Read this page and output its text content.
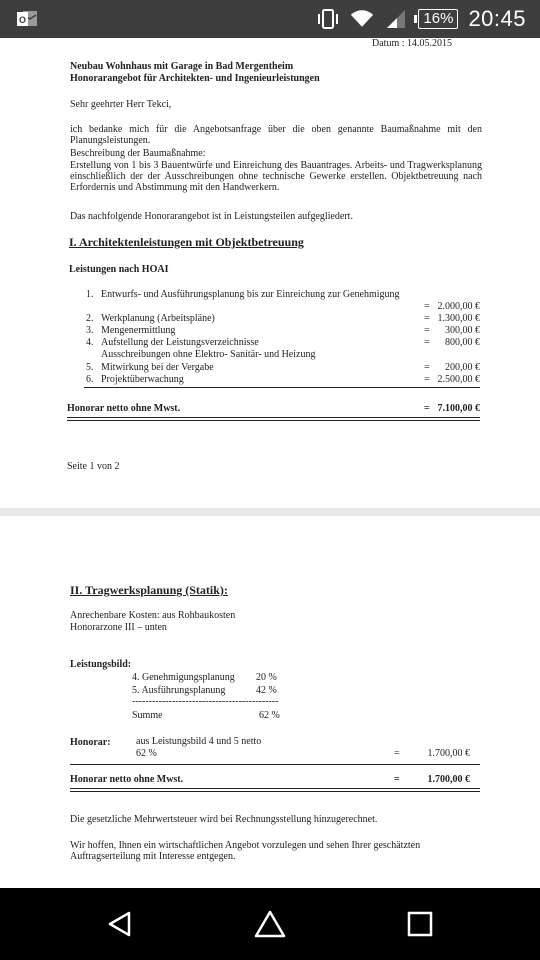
O	16% 20:45
Datum : 14.05.2015
Neubau Wohnhaus mit Garage in Bad Mergentheim
Honorarangebot für Architekten- und Ingenieurleistungen
Sehr geehrter Herr Tekci,
ich bedanke mich für die Angebotsanfrage über die oben genannte Baumaßnahme mit den Planungsleistungen.
Beschreibung der Baumaßnahme:
Erstellung von 1 bis 3 Bauentwürfe und Einreichung des Bauantrages. Arbeits- und Tragwerksplanung einschließlich der der Ausschreibungen ohne technische Gewerke erstellen. Objektbetreuung nach Erfordernis und Abstimmung mit den Handwerkern.
Das nachfolgende Honorarangebot ist in Leistungsteilen aufgegliedert.
I. Architektenleistungen mit Objektbetreuung
Leistungen nach HOAI
1. Entwurfs- und Ausführungsplanung bis zur Einreichung zur Genehmigung
= 2.000,00 €
2. Werkplanung (Arbeitspläne)	= 1.300,00 €
3. Mengenermittlung	=	300,00 €
4. Aufstellung der Leistungsverzeichnisse
Ausschreibungen ohne Elektro- Sanitär- und Heizung
=	800,00 €
5. Mitwirkung bei der Vergabe	=	200,00 €
6. Projektüberwachung	= 2.500,00 €
Honorar netto ohne Mwst.	= 7.100,00 €
Seite 1 von 2
II. Tragwerksplanung (Statik):
Anrechenbare Kosten: aus Rohbaukosten
Honorarzone III – unten
Leistungsbild:
4. Genehmigungsplanung 20 %
5. Ausführungsplanung	42 %
--------------------------------------------
Summe	62 %
Honorar:	aus Leistungsbild 4 und 5 netto
62 %	=	1.700,00 €
Honorar netto ohne Mwst.	=	1.700,00 €
Die gesetzliche Mehrwertsteuer wird bei Rechnungsstellung hinzugerechnet.
Wir hoffen, Ihnen ein wirtschaftlichen Angebot vorzulegen und sehen Ihrer geschätzten Auftragserteilung mit Interesse entgegen.
